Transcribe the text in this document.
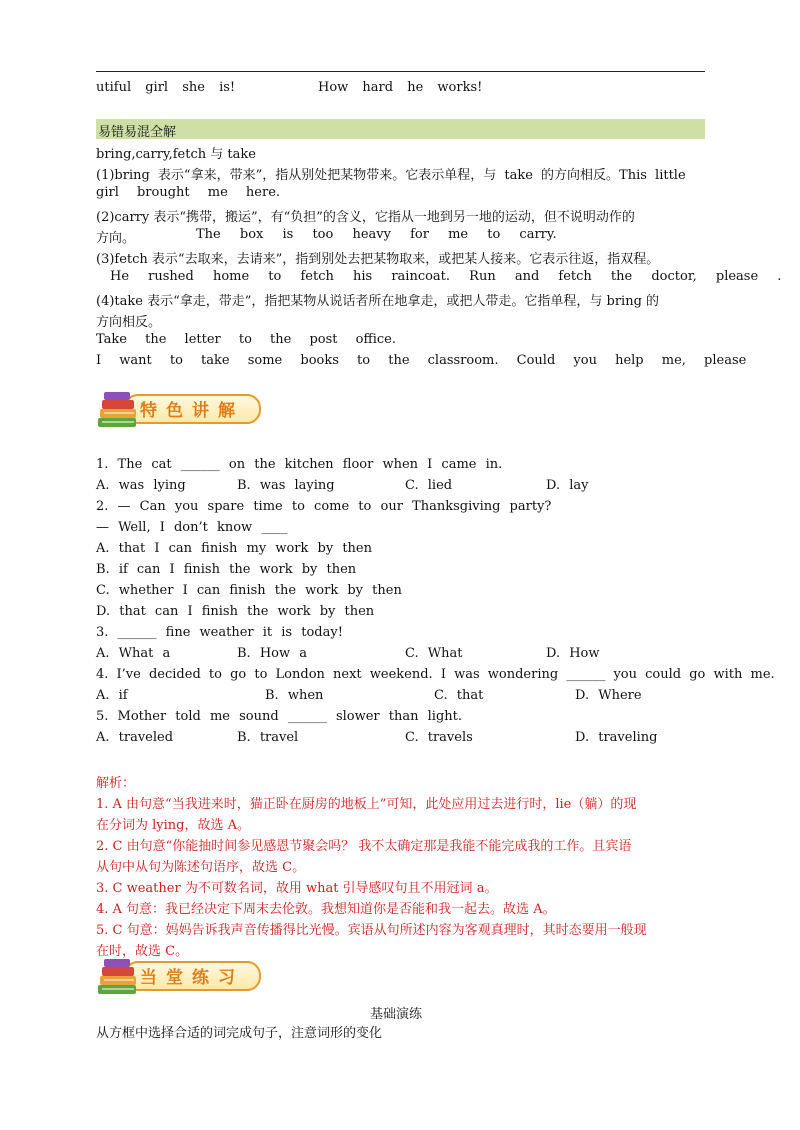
utiful girl she is!	How hard he works!
易错易混全解
bring,carry,fetch 与 take
(1)bring 表示“拿来，带来”，指从别处把某物带来。它表示单程，与 take 的方向相反。This little
girl brought me here.
(2)carry 表示“携带，搬运”，有“负担”的含义，它指从一地到另一地的运动，但不说明动作的
方向。	The box is too heavy for me to carry.
(3)fetch 表示“去取来，去请来”，指到别处去把某物取来，或把某人接来。它表示往返，指双程。
He rushed home to fetch his raincoat. Run and fetch the doctor, please .
(4)take 表示“拿走，带走”，指把某物从说话者所在地拿走，或把人带走。它指单程，与 bring 的
方向相反。
Take the letter to the post office.
I want to take some books to the classroom. Could you help me, please
特色讲解
1. The cat ______ on the kitchen floor when I came in.
A. was lying	B. was laying	C. lied	D. lay
2. — Can you spare time to come to our Thanksgiving party?
— Well, I don’t know ____
A. that I can finish my work by then
B. if can I finish the work by then
C. whether I can finish the work by then
D. that can I finish the work by then
3. ______ fine weather it is today!
A. What a	B. How a	C. What	D. How
4. I’ve decided to go to London next weekend. I was wondering ______ you could go with me.
A. if	B. when	C. that	D. Where
5. Mother told me sound ______ slower than light.
A. traveled	B. travel	C. travels	D. traveling
解析：
1. A 由句意“当我进来时，猫正卧在厨房的地板上”可知，此处应用过去进行时，lie（躺）的现
在分词为 lying，故选 A。
2. C 由句意“你能抽时间参见感恩节聚会吗？ 我不太确定那是我能不能完成我的工作。且宾语
从句中从句为陈述句语序，故选 C。
3. C weather 为不可数名词，故用 what 引导感叹句且不用冠词 a。
4. A 句意：我已经决定下周末去伦敦。我想知道你是否能和我一起去。故选 A。
5. C 句意：妈妈告诉我声音传播得比光慢。宾语从句所述内容为客观真理时，其时态要用一般现
在时，故选 C。
当堂练习
基础演练
从方框中选择合适的词完成句子，注意词形的变化
